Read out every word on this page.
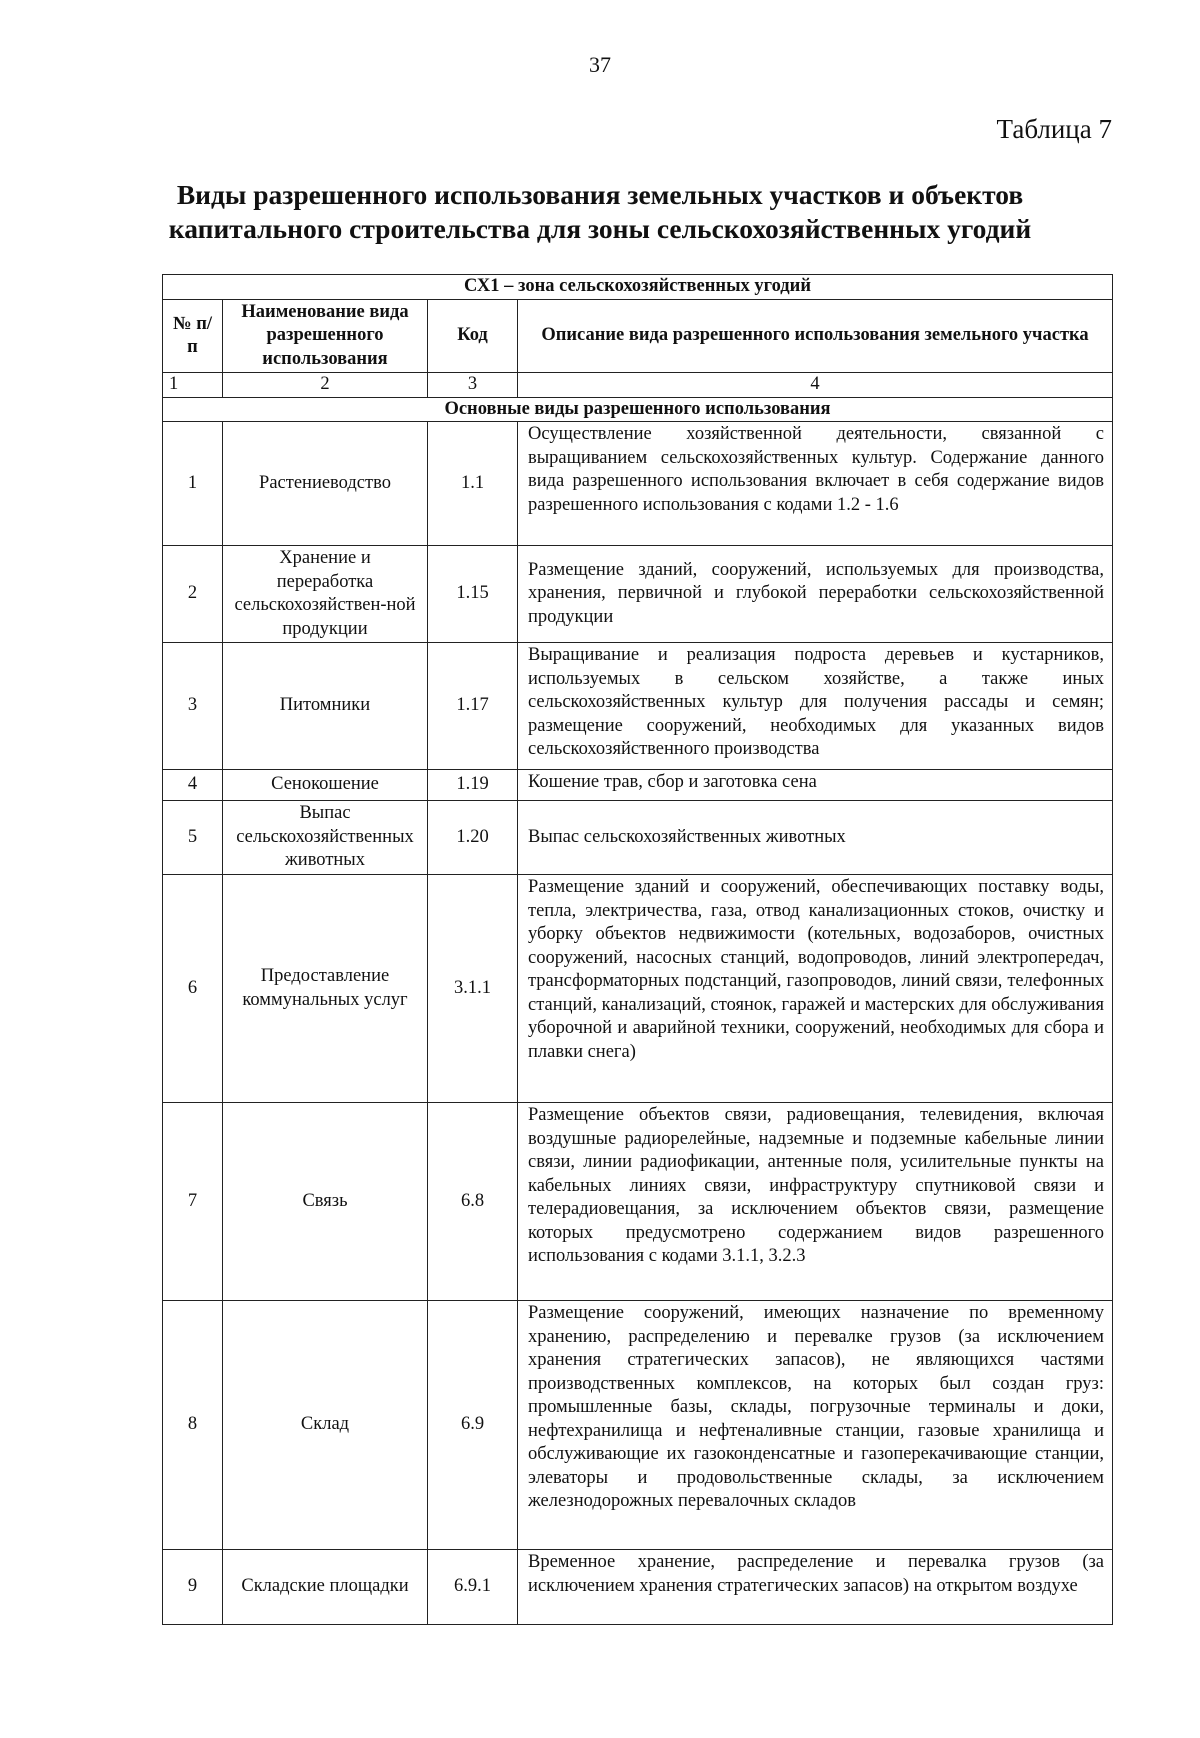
37
Таблица 7
Виды разрешенного использования земельных участков и объектов
капитального строительства для зоны сельскохозяйственных угодий
СХ1 – зона сельскохозяйственных угодий			
№ п/п	Наименование вида разрешенного использования	Код	Описание вида разрешенного использования земельного участка
1	2	3	4
Основные виды разрешенного использования			
1	Растениеводство	1.1	Осуществление хозяйственной деятельности, связанной с выращиванием сельскохозяйственных культур. Содержание данного вида разрешенного использования включает в себя содержание видов разрешенного использования с кодами 1.2 - 1.6
2	Хранение и переработка сельскохозяйствен-ной продукции	1.15	Размещение зданий, сооружений, используемых для производства, хранения, первичной и глубокой переработки сельскохозяйственной продукции
3	Питомники	1.17	Выращивание и реализация подроста деревьев и кустарников, используемых в сельском хозяйстве, а также иных сельскохозяйственных культур для получения рассады и семян; размещение сооружений, необходимых для указанных видов сельскохозяйственного производства
4	Сенокошение	1.19	Кошение трав, сбор и заготовка сена
5	Выпас сельскохозяйственных животных	1.20	Выпас сельскохозяйственных животных
6	Предоставление коммунальных услуг	3.1.1	Размещение зданий и сооружений, обеспечивающих поставку воды, тепла, электричества, газа, отвод канализационных стоков, очистку и уборку объектов недвижимости (котельных, водозаборов, очистных сооружений, насосных станций, водопроводов, линий электропередач, трансформаторных подстанций, газопроводов, линий связи, телефонных станций, канализаций, стоянок, гаражей и мастерских для обслуживания уборочной и аварийной техники, сооружений, необходимых для сбора и плавки снега)
7	Связь	6.8	Размещение объектов связи, радиовещания, телевидения, включая воздушные радиорелейные, надземные и подземные кабельные линии связи, линии радиофикации, антенные поля, усилительные пункты на кабельных линиях связи, инфраструктуру спутниковой связи и телерадиовещания, за исключением объектов связи, размещение которых предусмотрено содержанием видов разрешенного использования с кодами 3.1.1, 3.2.3
8	Склад	6.9	Размещение сооружений, имеющих назначение по временному хранению, распределению и перевалке грузов (за исключением хранения стратегических запасов), не являющихся частями производственных комплексов, на которых был создан груз: промышленные базы, склады, погрузочные терминалы и доки, нефтехранилища и нефтеналивные станции, газовые хранилища и обслуживающие их газоконденсатные и газоперекачивающие станции, элеваторы и продовольственные склады, за исключением железнодорожных перевалочных складов
9	Складские площадки	6.9.1	Временное хранение, распределение и перевалка грузов (за исключением хранения стратегических запасов) на открытом воздухе
